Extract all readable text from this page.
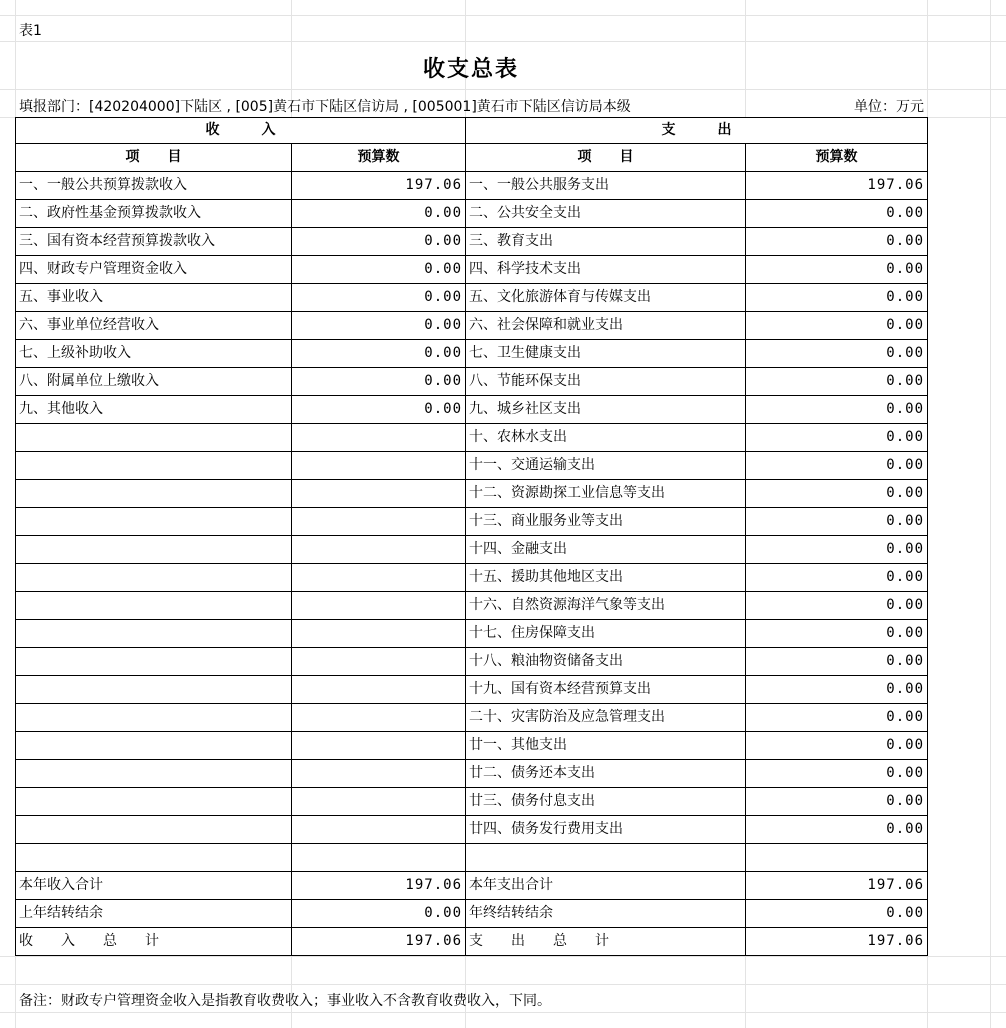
表1
收支总表
填报部门：[420204000]下陆区 , [005]黄石市下陆区信访局 , [005001]黄石市下陆区信访局本级	单位：万元
收　　　入		支　　　出	
项　　目	预算数	项　　目	预算数
一、一般公共预算拨款收入	197.06	一、一般公共服务支出	197.06
二、政府性基金预算拨款收入	0.00	二、公共安全支出	0.00
三、国有资本经营预算拨款收入	0.00	三、教育支出	0.00
四、财政专户管理资金收入	0.00	四、科学技术支出	0.00
五、事业收入	0.00	五、文化旅游体育与传媒支出	0.00
六、事业单位经营收入	0.00	六、社会保障和就业支出	0.00
七、上级补助收入	0.00	七、卫生健康支出	0.00
八、附属单位上缴收入	0.00	八、节能环保支出	0.00
九、其他收入	0.00	九、城乡社区支出	0.00
		十、农林水支出	0.00
		十一、交通运输支出	0.00
		十二、资源勘探工业信息等支出	0.00
		十三、商业服务业等支出	0.00
		十四、金融支出	0.00
		十五、援助其他地区支出	0.00
		十六、自然资源海洋气象等支出	0.00
		十七、住房保障支出	0.00
		十八、粮油物资储备支出	0.00
		十九、国有资本经营预算支出	0.00
		二十、灾害防治及应急管理支出	0.00
		廿一、其他支出	0.00
		廿二、债务还本支出	0.00
		廿三、债务付息支出	0.00
		廿四、债务发行费用支出	0.00

本年收入合计	197.06	本年支出合计	197.06
上年结转结余	0.00	年终结转结余	0.00
收　　入　　总　　计	197.06	支　　出　　总　　计	197.06
备注：财政专户管理资金收入是指教育收费收入；事业收入不含教育收费收入，下同。
